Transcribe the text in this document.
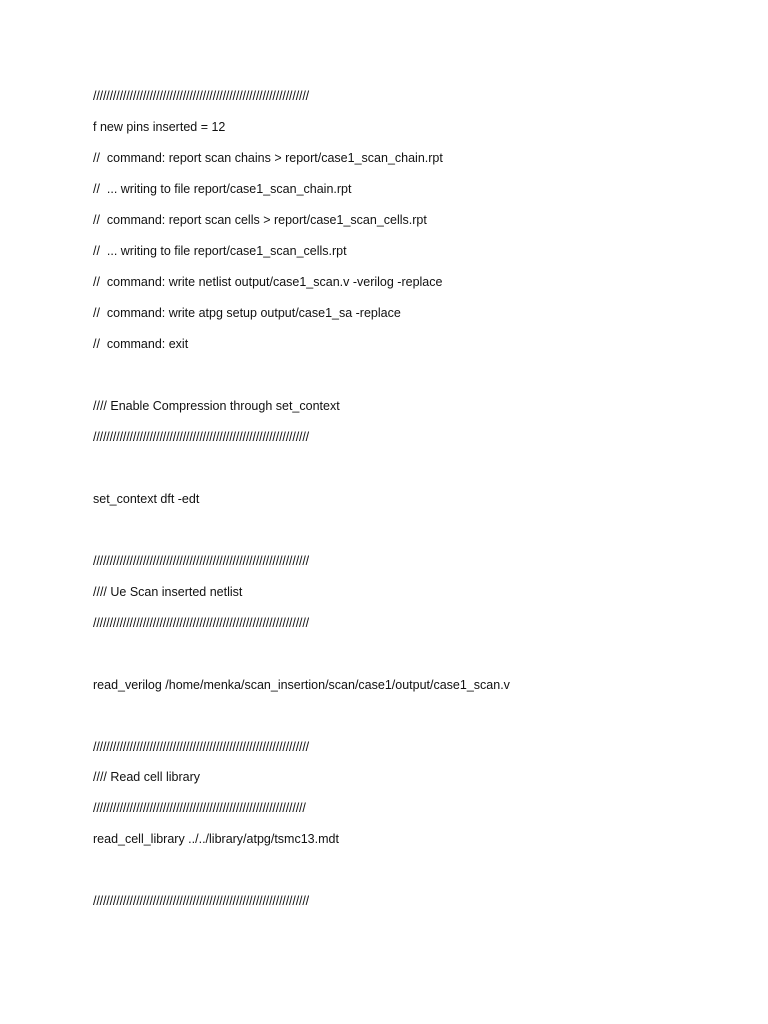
/////////////////////////////////////////////////////////////////
f new pins inserted = 12
//  command: report scan chains > report/case1_scan_chain.rpt
//  ... writing to file report/case1_scan_chain.rpt
//  command: report scan cells > report/case1_scan_cells.rpt
//  ... writing to file report/case1_scan_cells.rpt
//  command: write netlist output/case1_scan.v -verilog -replace
//  command: write atpg setup output/case1_sa -replace
//  command: exit
//// Enable Compression through set_context
/////////////////////////////////////////////////////////////////
set_context dft -edt
/////////////////////////////////////////////////////////////////
//// Ue Scan inserted netlist
/////////////////////////////////////////////////////////////////
read_verilog /home/menka/scan_insertion/scan/case1/output/case1_scan.v
/////////////////////////////////////////////////////////////////
//// Read cell library
////////////////////////////////////////////////////////////////
read_cell_library ../../library/atpg/tsmc13.mdt
/////////////////////////////////////////////////////////////////
